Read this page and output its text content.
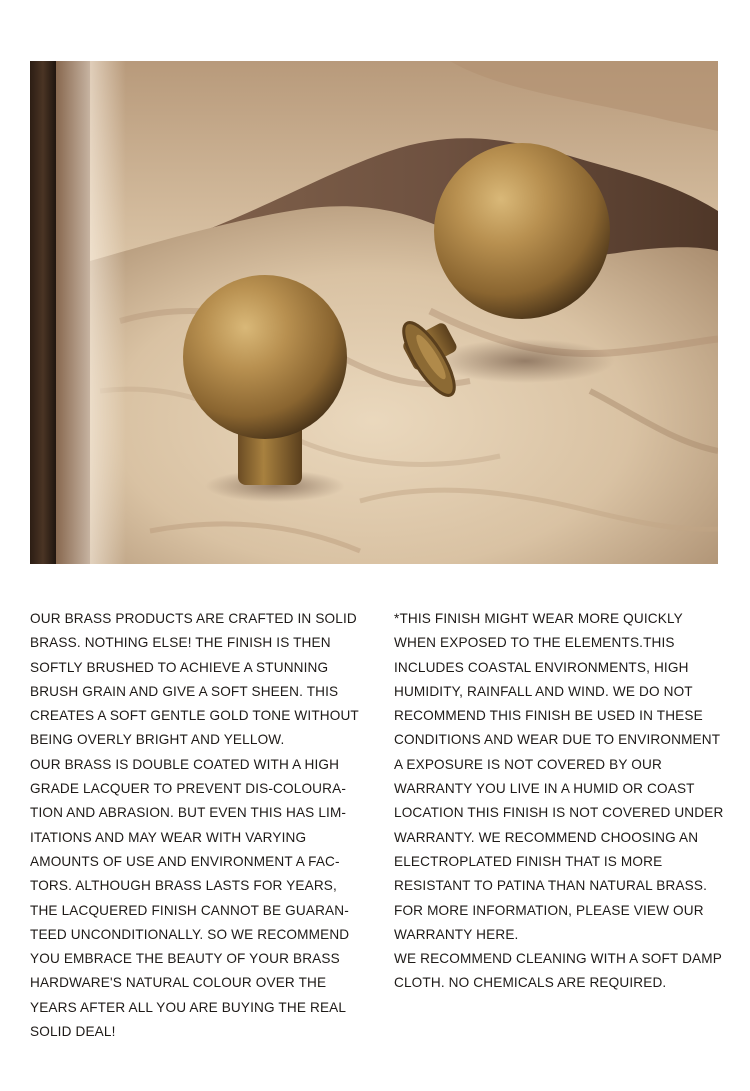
OUR BRASS PRODUCTS ARE CRAFTED IN SOLID BRASS. NOTHING ELSE! THE FINISH IS THEN SOFTLY BRUSHED TO ACHIEVE A STUNNING BRUSH GRAIN AND GIVE A SOFT SHEEN. THIS CREATES A SOFT GENTLE GOLD TONE WITHOUT BEING OVERLY BRIGHT AND YELLOW.

OUR BRASS IS DOUBLE COATED WITH A HIGH GRADE LACQUER TO PREVENT DIS-COLOURA-TION AND ABRASION. BUT EVEN THIS HAS LIM-ITATIONS AND MAY WEAR WITH VARYING AMOUNTS OF USE AND ENVIRONMENT A FAC-TORS. ALTHOUGH BRASS LASTS FOR YEARS, THE LACQUERED FINISH CANNOT BE GUARAN-TEED UNCONDITIONALLY. SO WE RECOMMEND YOU EMBRACE THE BEAUTY OF YOUR BRASS HARDWARE'S NATURAL COLOUR OVER THE YEARS AFTER ALL YOU ARE BUYING THE REAL SOLID DEAL!

*THIS FINISH MIGHT WEAR MORE QUICKLY WHEN EXPOSED TO THE ELEMENTS.THIS INCLUDES COASTAL ENVIRONMENTS, HIGH HUMIDITY, RAINFALL AND WIND. WE DO NOT RECOMMEND THIS FINISH BE USED IN THESE CONDITIONS AND WEAR DUE TO ENVIRONMENT A EXPOSURE IS NOT COVERED BY OUR WARRANTY YOU LIVE IN A HUMID OR COAST LOCATION THIS FINISH IS NOT COVERED UNDER WARRANTY. WE RECOMMEND CHOOSING AN ELECTROPLATED FINISH THAT IS MORE RESISTANT TO PATINA THAN NATURAL BRASS. FOR MORE INFORMATION, PLEASE VIEW OUR WARRANTY HERE.

WE RECOMMEND CLEANING WITH A SOFT DAMP CLOTH. NO CHEMICALS ARE REQUIRED.
